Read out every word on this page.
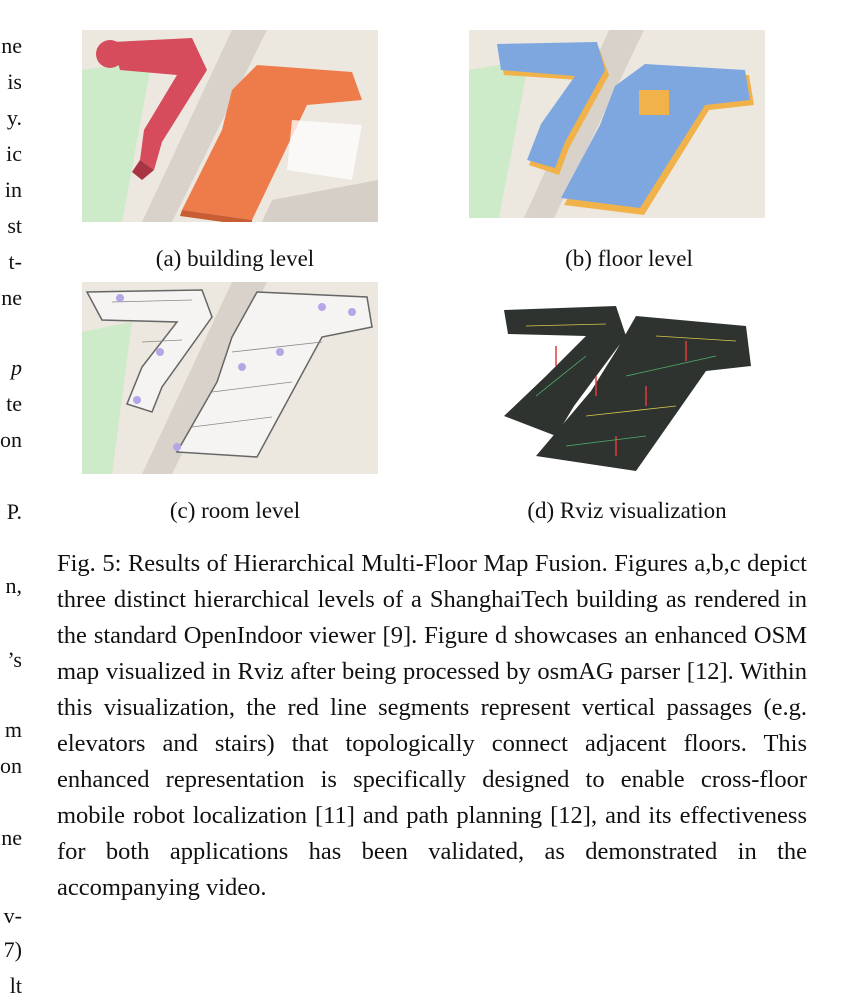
ne
is
y.
ic
in
st
t-
ne
p
te
on
P.
n,
’s
m
on
ne
v-
7)
lt
(a) building level	(b) floor level
(c) room level	(d) Rviz visualization

Fig. 5: Results of Hierarchical Multi-Floor Map Fusion. Figures a,b,c depict three distinct hierarchical levels of a ShanghaiTech building as rendered in the standard OpenIndoor viewer [9]. Figure d showcases an enhanced OSM map visualized in Rviz after being processed by osmAG parser [12]. Within this visualization, the red line segments represent vertical passages (e.g. elevators and stairs) that topologically connect adjacent floors. This enhanced representation is specifically designed to enable cross-floor mobile robot localization [11] and path planning [12], and its effectiveness for both applications has been validated, as demonstrated in the accompanying video.
